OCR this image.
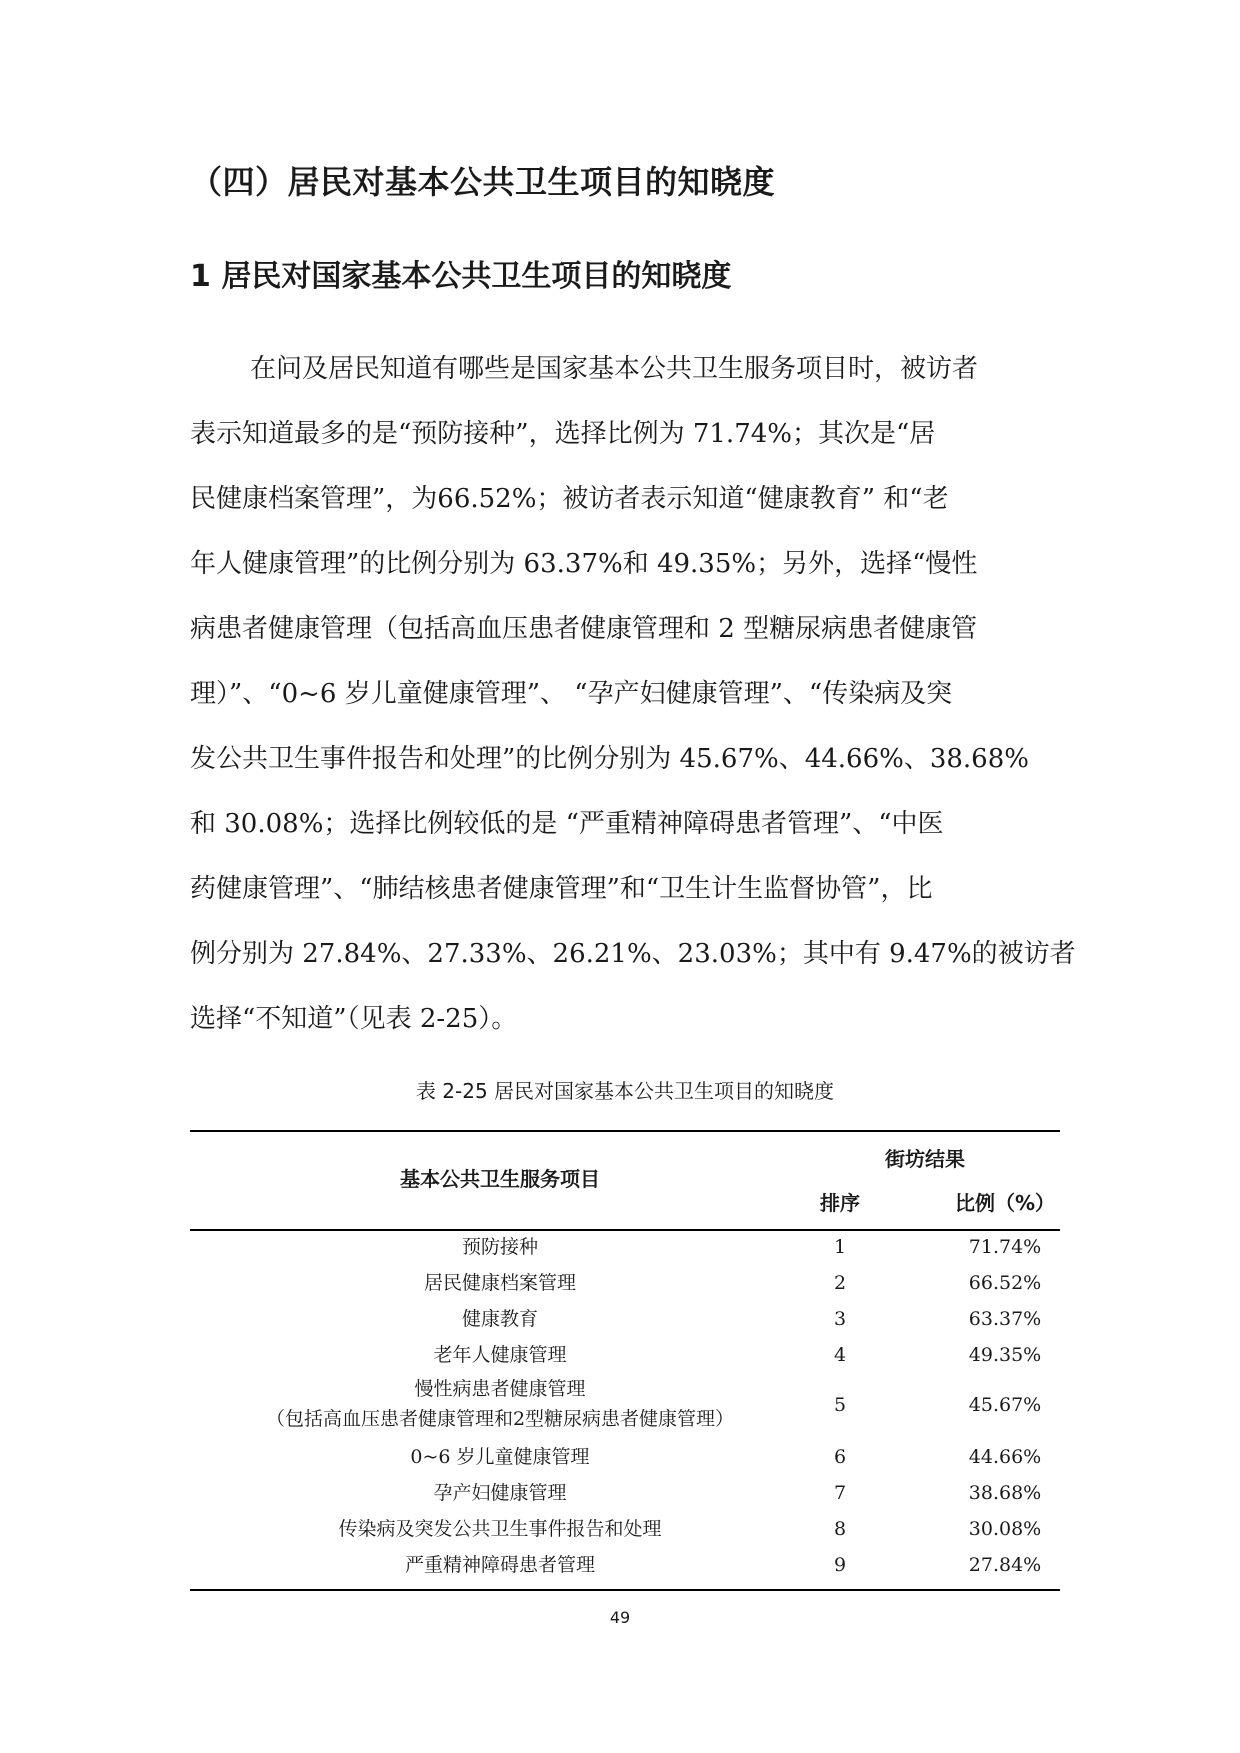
（四）居民对基本公共卫生项目的知晓度
1 居民对国家基本公共卫生项目的知晓度
在问及居民知道有哪些是国家基本公共卫生服务项目时，被访者
表示知道最多的是“预防接种”，选择比例为 71.74%；其次是“居
民健康档案管理”，为66.52%；被访者表示知道“健康教育” 和“老
年人健康管理”的比例分别为 63.37%和 49.35%；另外，选择“慢性
病患者健康管理（包括高血压患者健康管理和 2 型糖尿病患者健康管
理）”、“0~6 岁儿童健康管理”、 “孕产妇健康管理”、“传染病及突
发公共卫生事件报告和处理”的比例分别为 45.67%、44.66%、38.68%
和 30.08%；选择比例较低的是 “严重精神障碍患者管理”、“中医
药健康管理”、“肺结核患者健康管理”和“卫生计生监督协管”，比
例分别为 27.84%、27.33%、26.21%、23.03%；其中有 9.47%的被访者
选择“不知道”（见表 2-25）。
表 2-25 居民对国家基本公共卫生项目的知晓度
基本公共卫生服务项目
街坊结果
排序	比例（%）
预防接种	1	71.74%
居民健康档案管理	2	66.52%
健康教育	3	63.37%
老年人健康管理	4	49.35%
慢性病患者健康管理
（包括高血压患者健康管理和2型糖尿病患者健康管理）
5	45.67%
0~6 岁儿童健康管理	6	44.66%
孕产妇健康管理	7	38.68%
传染病及突发公共卫生事件报告和处理	8	30.08%
严重精神障碍患者管理	9	27.84%
49
